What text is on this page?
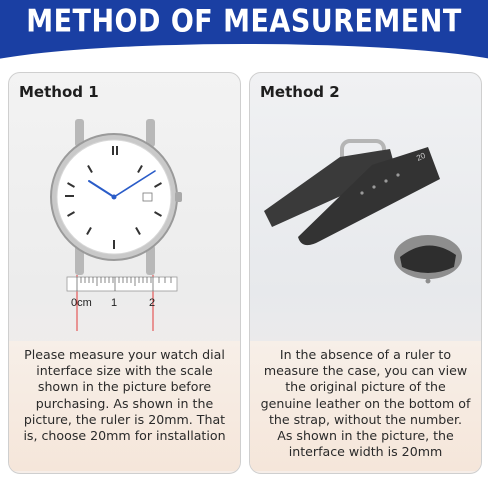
METHOD OF MEASUREMENT
Method 1
0cm 1	2

Please measure your watch dial interface size with the scale shown in the picture before purchasing. As shown in the picture, the ruler is 20mm. That is, choose 20mm for installation

Method 2
20

In the absence of a ruler to measure the case, you can view the original picture of the genuine leather on the bottom of the strap, without the number. As shown in the picture, the interface width is 20mm
